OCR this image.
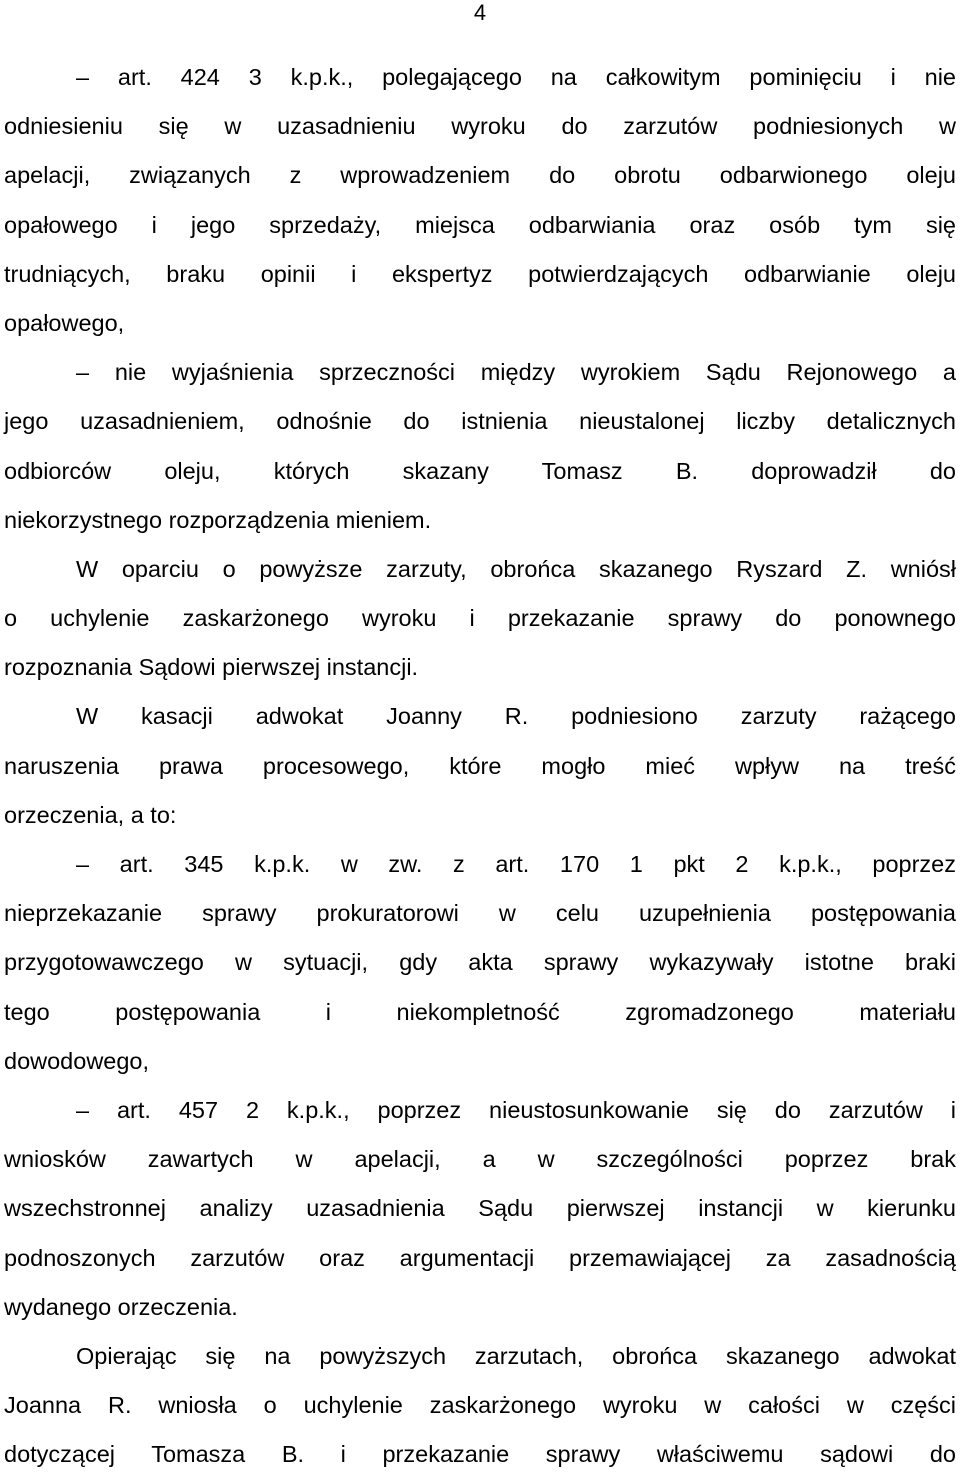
4
– art. 424 3 k.p.k., polegającego na całkowitym pominięciu i nie
odniesieniu się w uzasadnieniu wyroku do zarzutów podniesionych w
apelacji, związanych z wprowadzeniem do obrotu odbarwionego oleju
opałowego i jego sprzedaży, miejsca odbarwiania oraz osób tym się
trudniących, braku opinii i ekspertyz potwierdzających odbarwianie oleju
opałowego,
– nie wyjaśnienia sprzeczności między wyrokiem Sądu Rejonowego a
jego uzasadnieniem, odnośnie do istnienia nieustalonej liczby detalicznych
odbiorców oleju, których skazany Tomasz B. doprowadził do
niekorzystnego rozporządzenia mieniem.
W oparciu o powyższe zarzuty, obrońca skazanego Ryszard Z. wniósł
o uchylenie zaskarżonego wyroku i przekazanie sprawy do ponownego
rozpoznania Sądowi pierwszej instancji.
W kasacji adwokat Joanny R. podniesiono zarzuty rażącego
naruszenia prawa procesowego, które mogło mieć wpływ na treść
orzeczenia, a to:
– art. 345 k.p.k. w zw. z art. 170 1 pkt 2 k.p.k., poprzez
nieprzekazanie sprawy prokuratorowi w celu uzupełnienia postępowania
przygotowawczego w sytuacji, gdy akta sprawy wykazywały istotne braki
tego postępowania i niekompletność zgromadzonego materiału
dowodowego,
– art. 457 2 k.p.k., poprzez nieustosunkowanie się do zarzutów i
wniosków zawartych w apelacji, a w szczególności poprzez brak
wszechstronnej analizy uzasadnienia Sądu pierwszej instancji w kierunku
podnoszonych zarzutów oraz argumentacji przemawiającej za zasadnością
wydanego orzeczenia.
Opierając się na powyższych zarzutach, obrońca skazanego adwokat
Joanna R. wniosła o uchylenie zaskarżonego wyroku w całości w części
dotyczącej Tomasza B. i przekazanie sprawy właściwemu sądowi do
